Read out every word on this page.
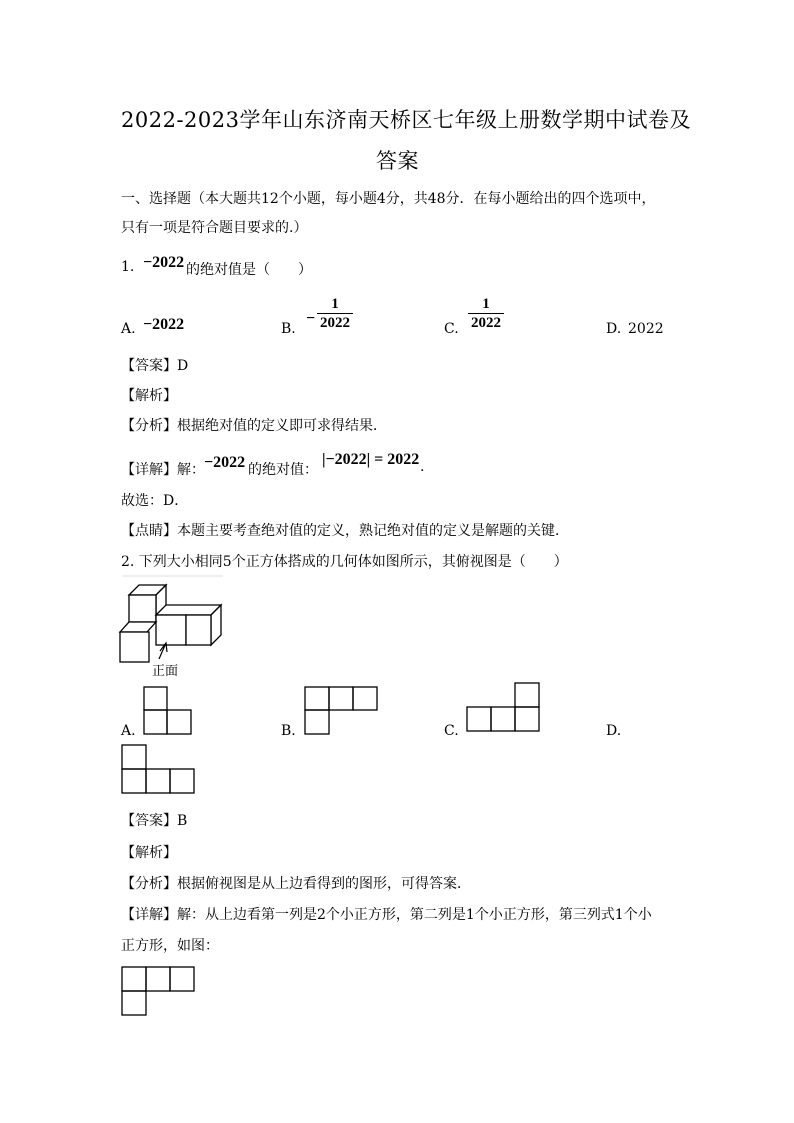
2022-2023学年山东济南天桥区七年级上册数学期中试卷及
答案
一、选择题（本大题共12个小题，每小题4分，共48分．在每小题给出的四个选项中，
只有一项是符合题目要求的.）
1. −2022 的绝对值是（　　）
A. −2022	B.
−
1
2022	C.
1
2022	D. 2022
【答案】D
【解析】
【分析】根据绝对值的定义即可求得结果．
【详解】解： −2022 的绝对值：
|−2022| = 2022 .
故选：D．
【点睛】本题主要考查绝对值的定义，熟记绝对值的定义是解题的关键．
2. 下列大小相同5个正方体搭成的几何体如图所示，其俯视图是（　　）
正面
A.	B.	C.	D.
【答案】B
【解析】
【分析】根据俯视图是从上边看得到的图形，可得答案．
【详解】解：从上边看第一列是2个小正方形，第二列是1个小正方形，第三列式1个小
正方形，如图：
